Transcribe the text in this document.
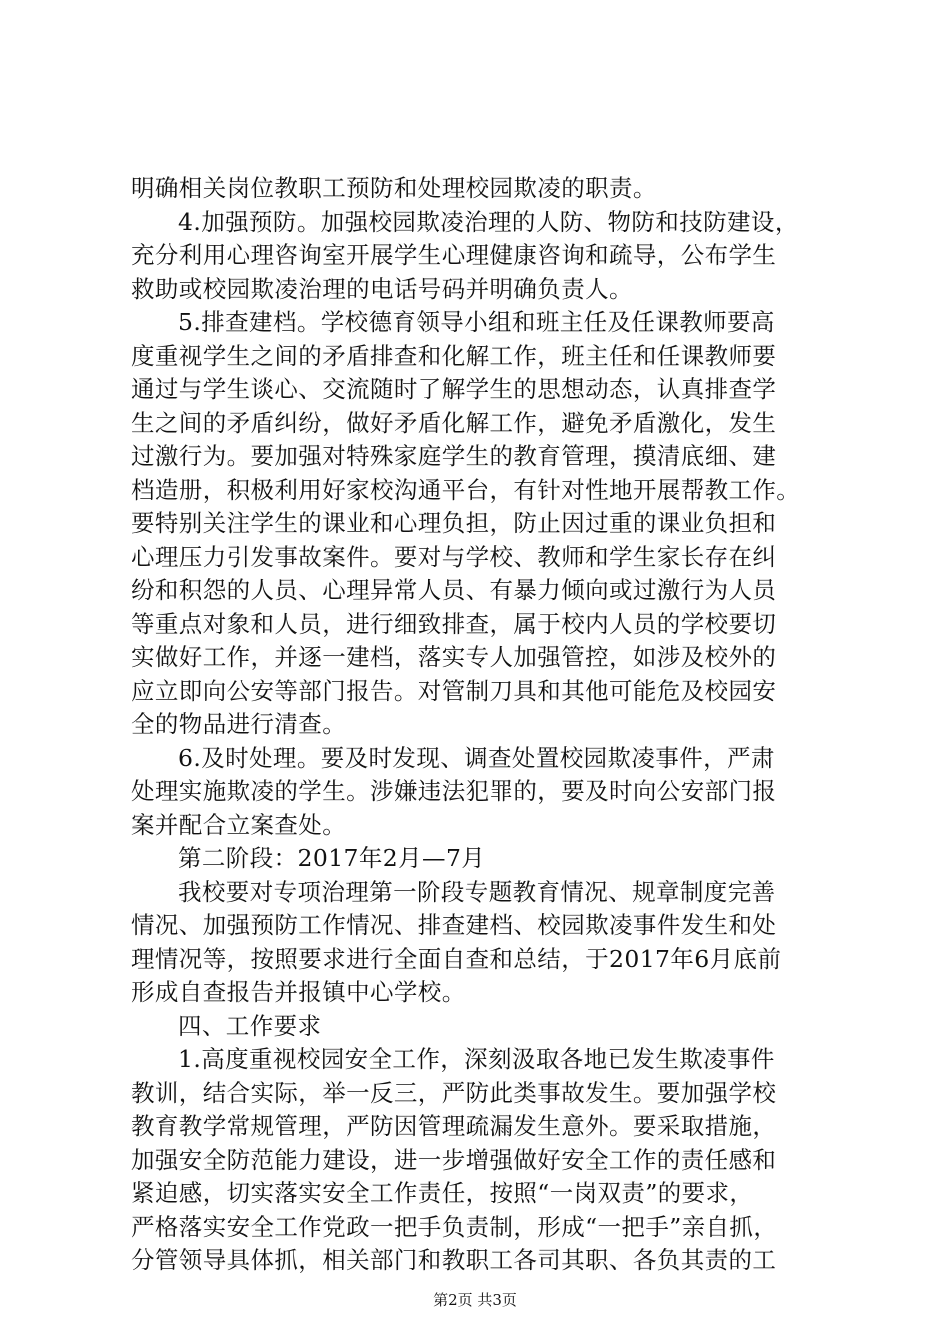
明确相关岗位教职工预防和处理校园欺凌的职责。
4.加强预防。加强校园欺凌治理的人防、物防和技防建设，
充分利用心理咨询室开展学生心理健康咨询和疏导，公布学生
救助或校园欺凌治理的电话号码并明确负责人。
5.排查建档。学校德育领导小组和班主任及任课教师要高
度重视学生之间的矛盾排查和化解工作，班主任和任课教师要
通过与学生谈心、交流随时了解学生的思想动态，认真排查学
生之间的矛盾纠纷，做好矛盾化解工作，避免矛盾激化，发生
过激行为。要加强对特殊家庭学生的教育管理，摸清底细、建
档造册，积极利用好家校沟通平台，有针对性地开展帮教工作。
要特别关注学生的课业和心理负担，防止因过重的课业负担和
心理压力引发事故案件。要对与学校、教师和学生家长存在纠
纷和积怨的人员、心理异常人员、有暴力倾向或过激行为人员
等重点对象和人员，进行细致排查，属于校内人员的学校要切
实做好工作，并逐一建档，落实专人加强管控，如涉及校外的
应立即向公安等部门报告。对管制刀具和其他可能危及校园安
全的物品进行清查。
6.及时处理。要及时发现、调查处置校园欺凌事件，严肃
处理实施欺凌的学生。涉嫌违法犯罪的，要及时向公安部门报
案并配合立案查处。
第二阶段：2017年2月—7月
我校要对专项治理第一阶段专题教育情况、规章制度完善
情况、加强预防工作情况、排查建档、校园欺凌事件发生和处
理情况等，按照要求进行全面自查和总结，于2017年6月底前
形成自查报告并报镇中心学校。
四、工作要求
1.高度重视校园安全工作，深刻汲取各地已发生欺凌事件
教训，结合实际，举一反三，严防此类事故发生。要加强学校
教育教学常规管理，严防因管理疏漏发生意外。要采取措施，
加强安全防范能力建设，进一步增强做好安全工作的责任感和
紧迫感，切实落实安全工作责任，按照“一岗双责”的要求，
严格落实安全工作党政一把手负责制，形成“一把手”亲自抓，
分管领导具体抓，相关部门和教职工各司其职、各负其责的工
第2页 共3页
